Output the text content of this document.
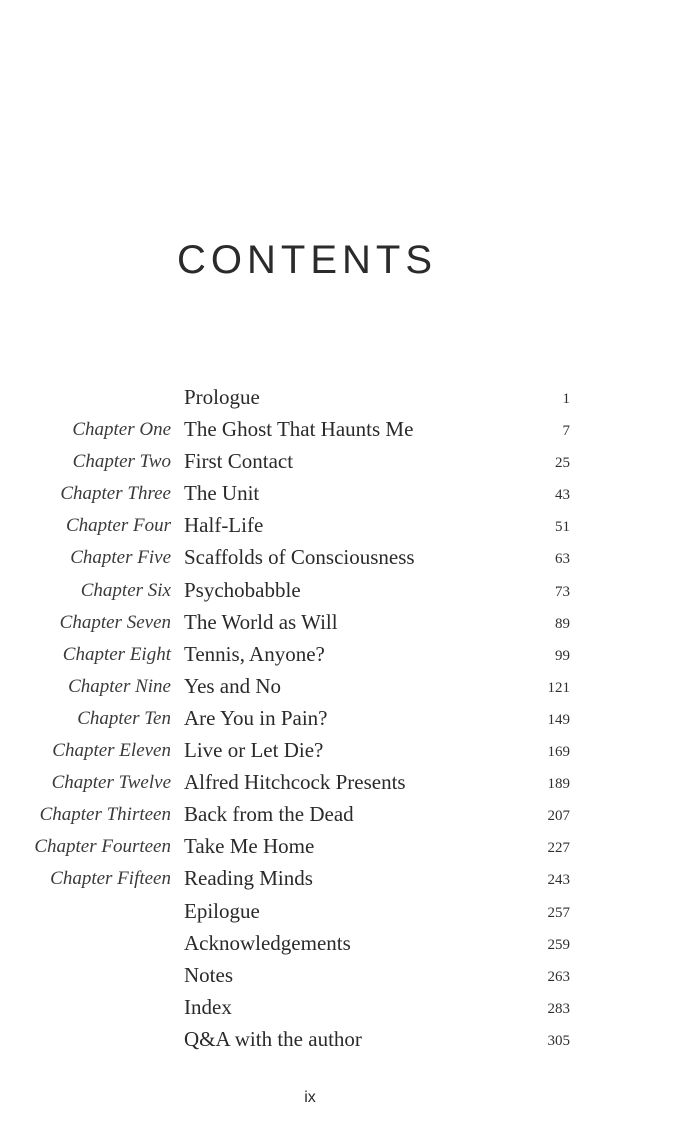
CONTENTS
Prologue	1
Chapter One The Ghost That Haunts Me	7
Chapter Two First Contact	25
Chapter Three The Unit	43
Chapter Four Half-Life	51
Chapter Five Scaffolds of Consciousness	63
Chapter Six Psychobabble	73
Chapter Seven The World as Will	89
Chapter Eight Tennis, Anyone?	99
Chapter Nine Yes and No	121
Chapter Ten Are You in Pain?	149
Chapter Eleven Live or Let Die?	169
Chapter Twelve Alfred Hitchcock Presents	189
Chapter Thirteen Back from the Dead	207
Chapter Fourteen Take Me Home	227
Chapter Fifteen Reading Minds	243
Epilogue	257
Acknowledgements	259
Notes	263
Index	283
Q&A with the author	305
ix
